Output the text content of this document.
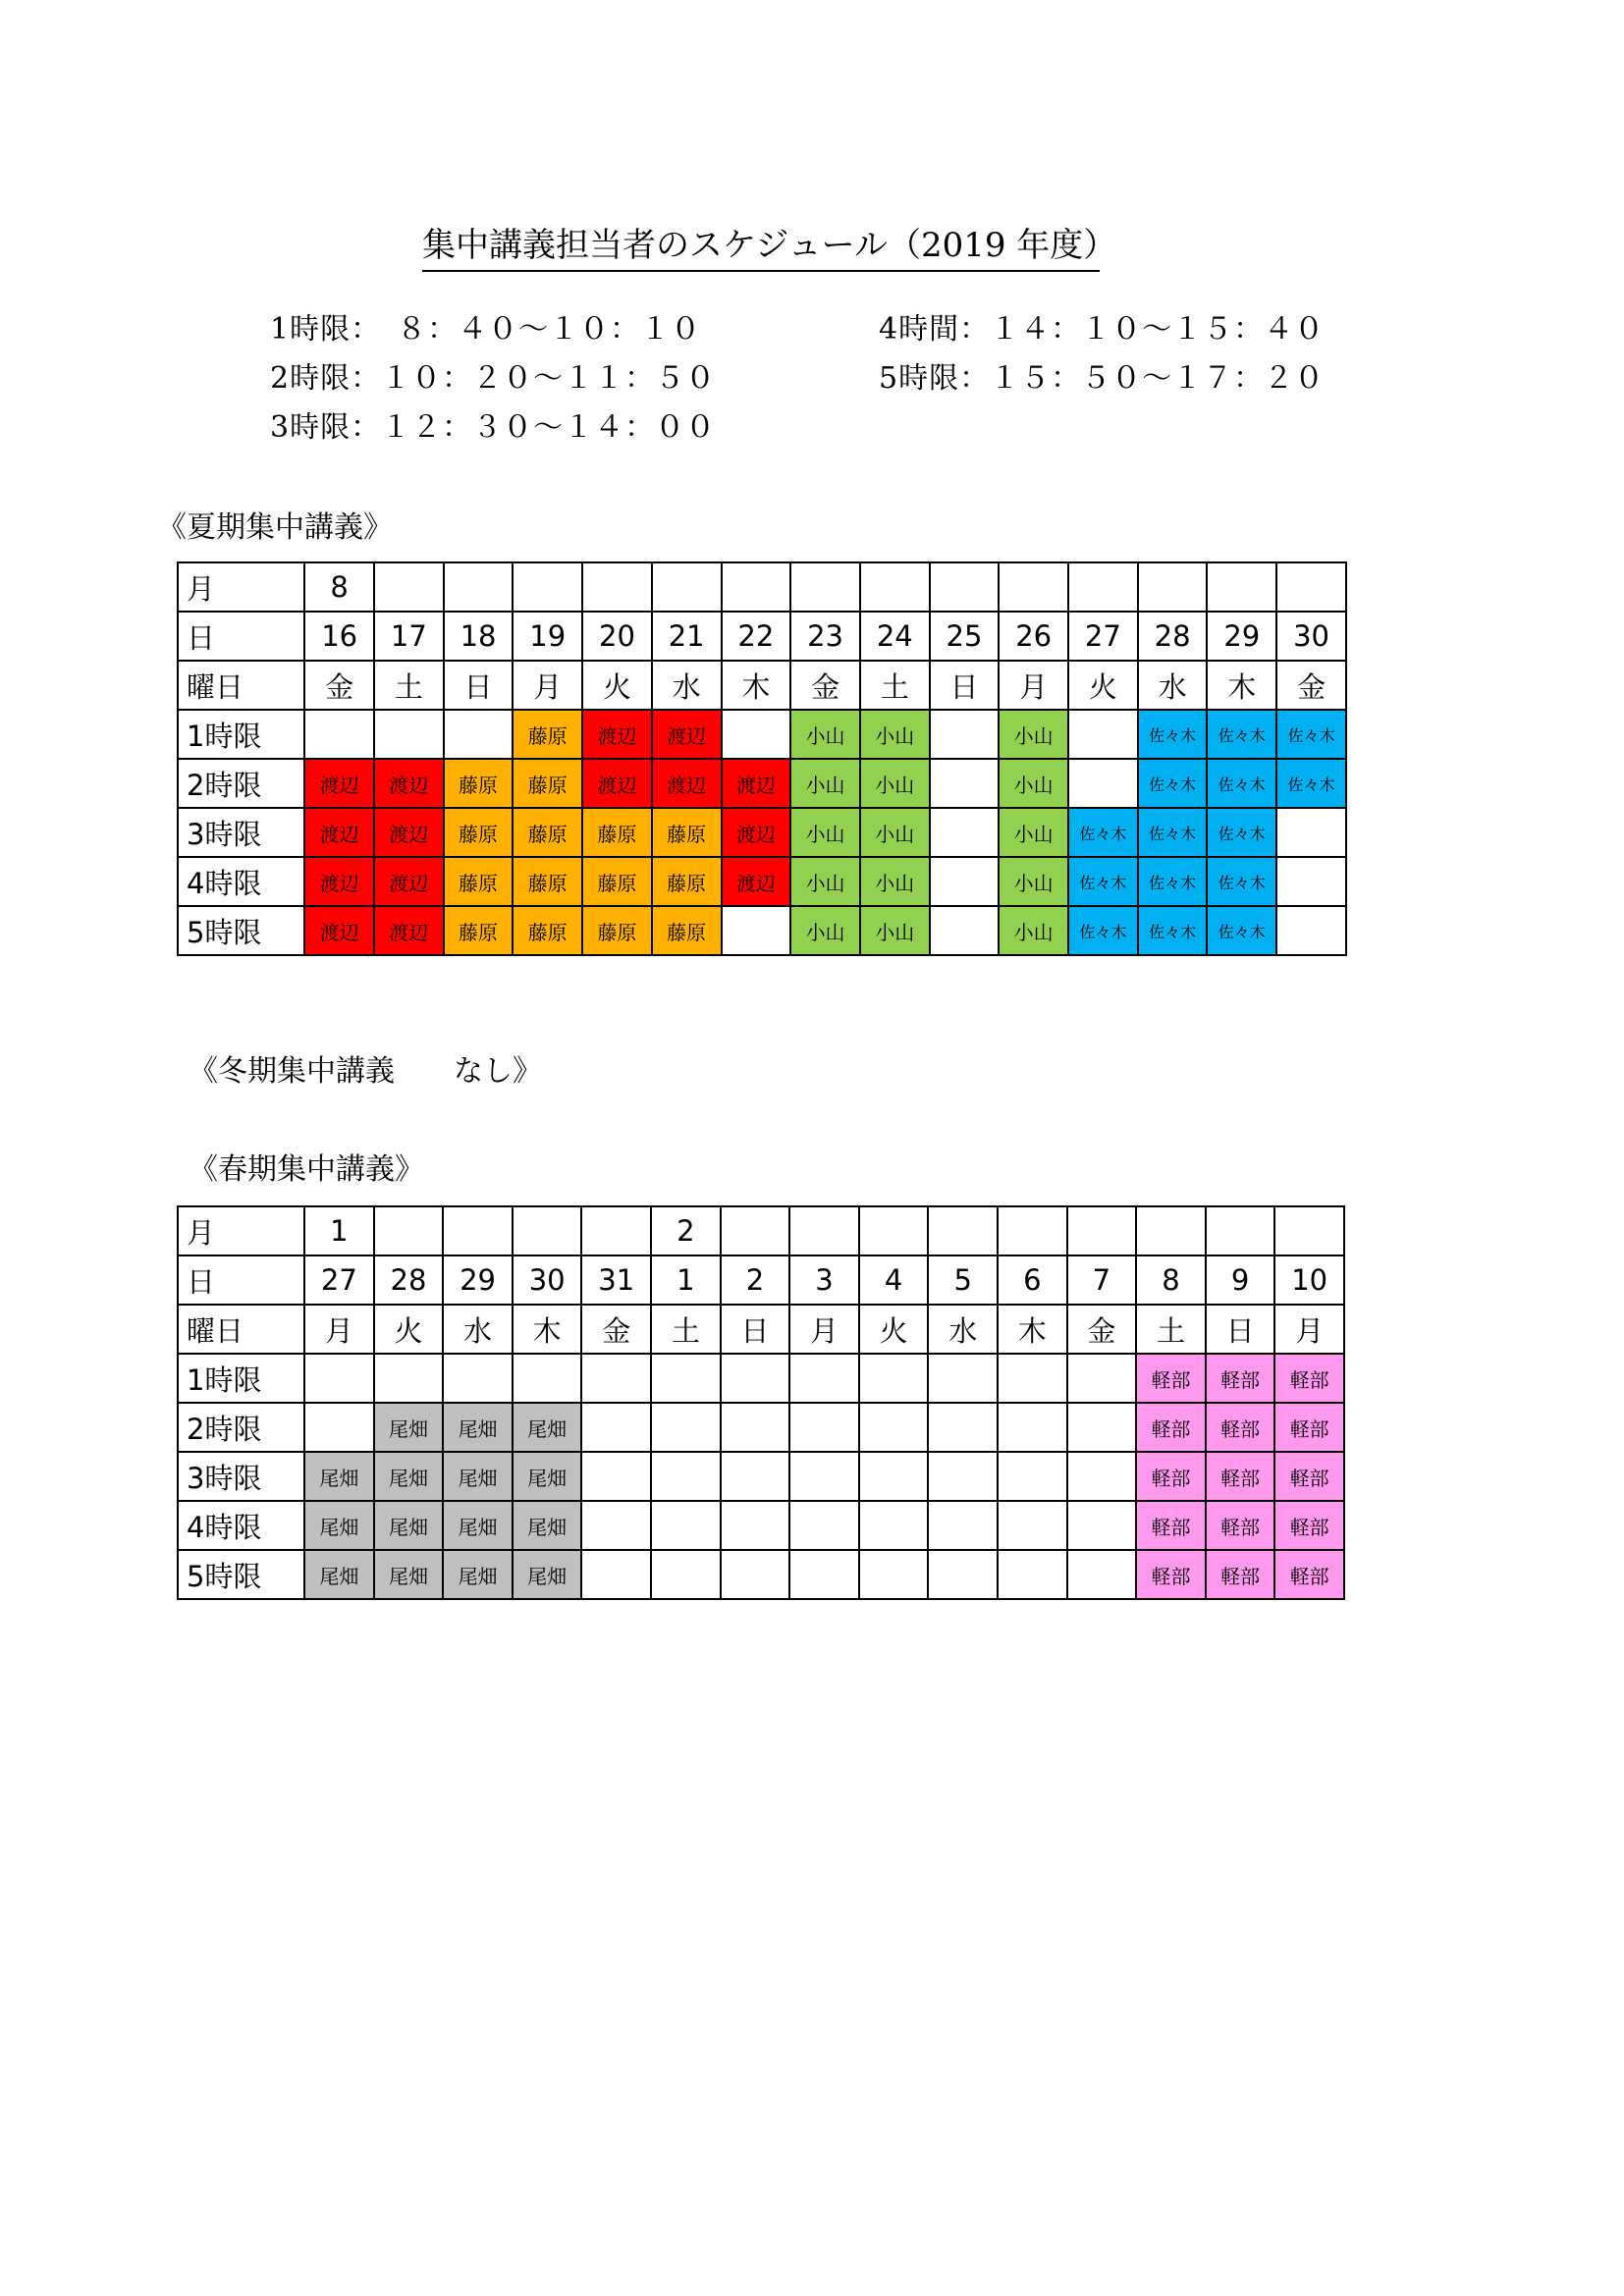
集中講義担当者のスケジュール（2019 年度）
1時限：　８：４０～１０：１０
2時限：１０：２０～１１：５０
3時限：１２：３０～１４：００
4時間：１４：１０～１５：４０
5時限：１５：５０～１７：２０
《夏期集中講義》
月	8														
日	16	17	18	19	20	21	22	23	24	25	26	27	28	29	30
曜日	金	土	日	月	火	水	木	金	土	日	月	火	水	木	金
1時限				藤原	渡辺	渡辺		小山	小山		小山		佐々木	佐々木	佐々木
2時限	渡辺	渡辺	藤原	藤原	渡辺	渡辺	渡辺	小山	小山		小山		佐々木	佐々木	佐々木
3時限	渡辺	渡辺	藤原	藤原	藤原	藤原	渡辺	小山	小山		小山	佐々木	佐々木	佐々木	
4時限	渡辺	渡辺	藤原	藤原	藤原	藤原	渡辺	小山	小山		小山	佐々木	佐々木	佐々木	
5時限	渡辺	渡辺	藤原	藤原	藤原	藤原		小山	小山		小山	佐々木	佐々木	佐々木	
《冬期集中講義 なし》
《春期集中講義》
月	1					2									
日	27	28	29	30	31	1	2	3	4	5	6	7	8	9	10
曜日	月	火	水	木	金	土	日	月	火	水	木	金	土	日	月
1時限													軽部	軽部	軽部
2時限		尾畑	尾畑	尾畑									軽部	軽部	軽部
3時限	尾畑	尾畑	尾畑	尾畑									軽部	軽部	軽部
4時限	尾畑	尾畑	尾畑	尾畑									軽部	軽部	軽部
5時限	尾畑	尾畑	尾畑	尾畑									軽部	軽部	軽部
